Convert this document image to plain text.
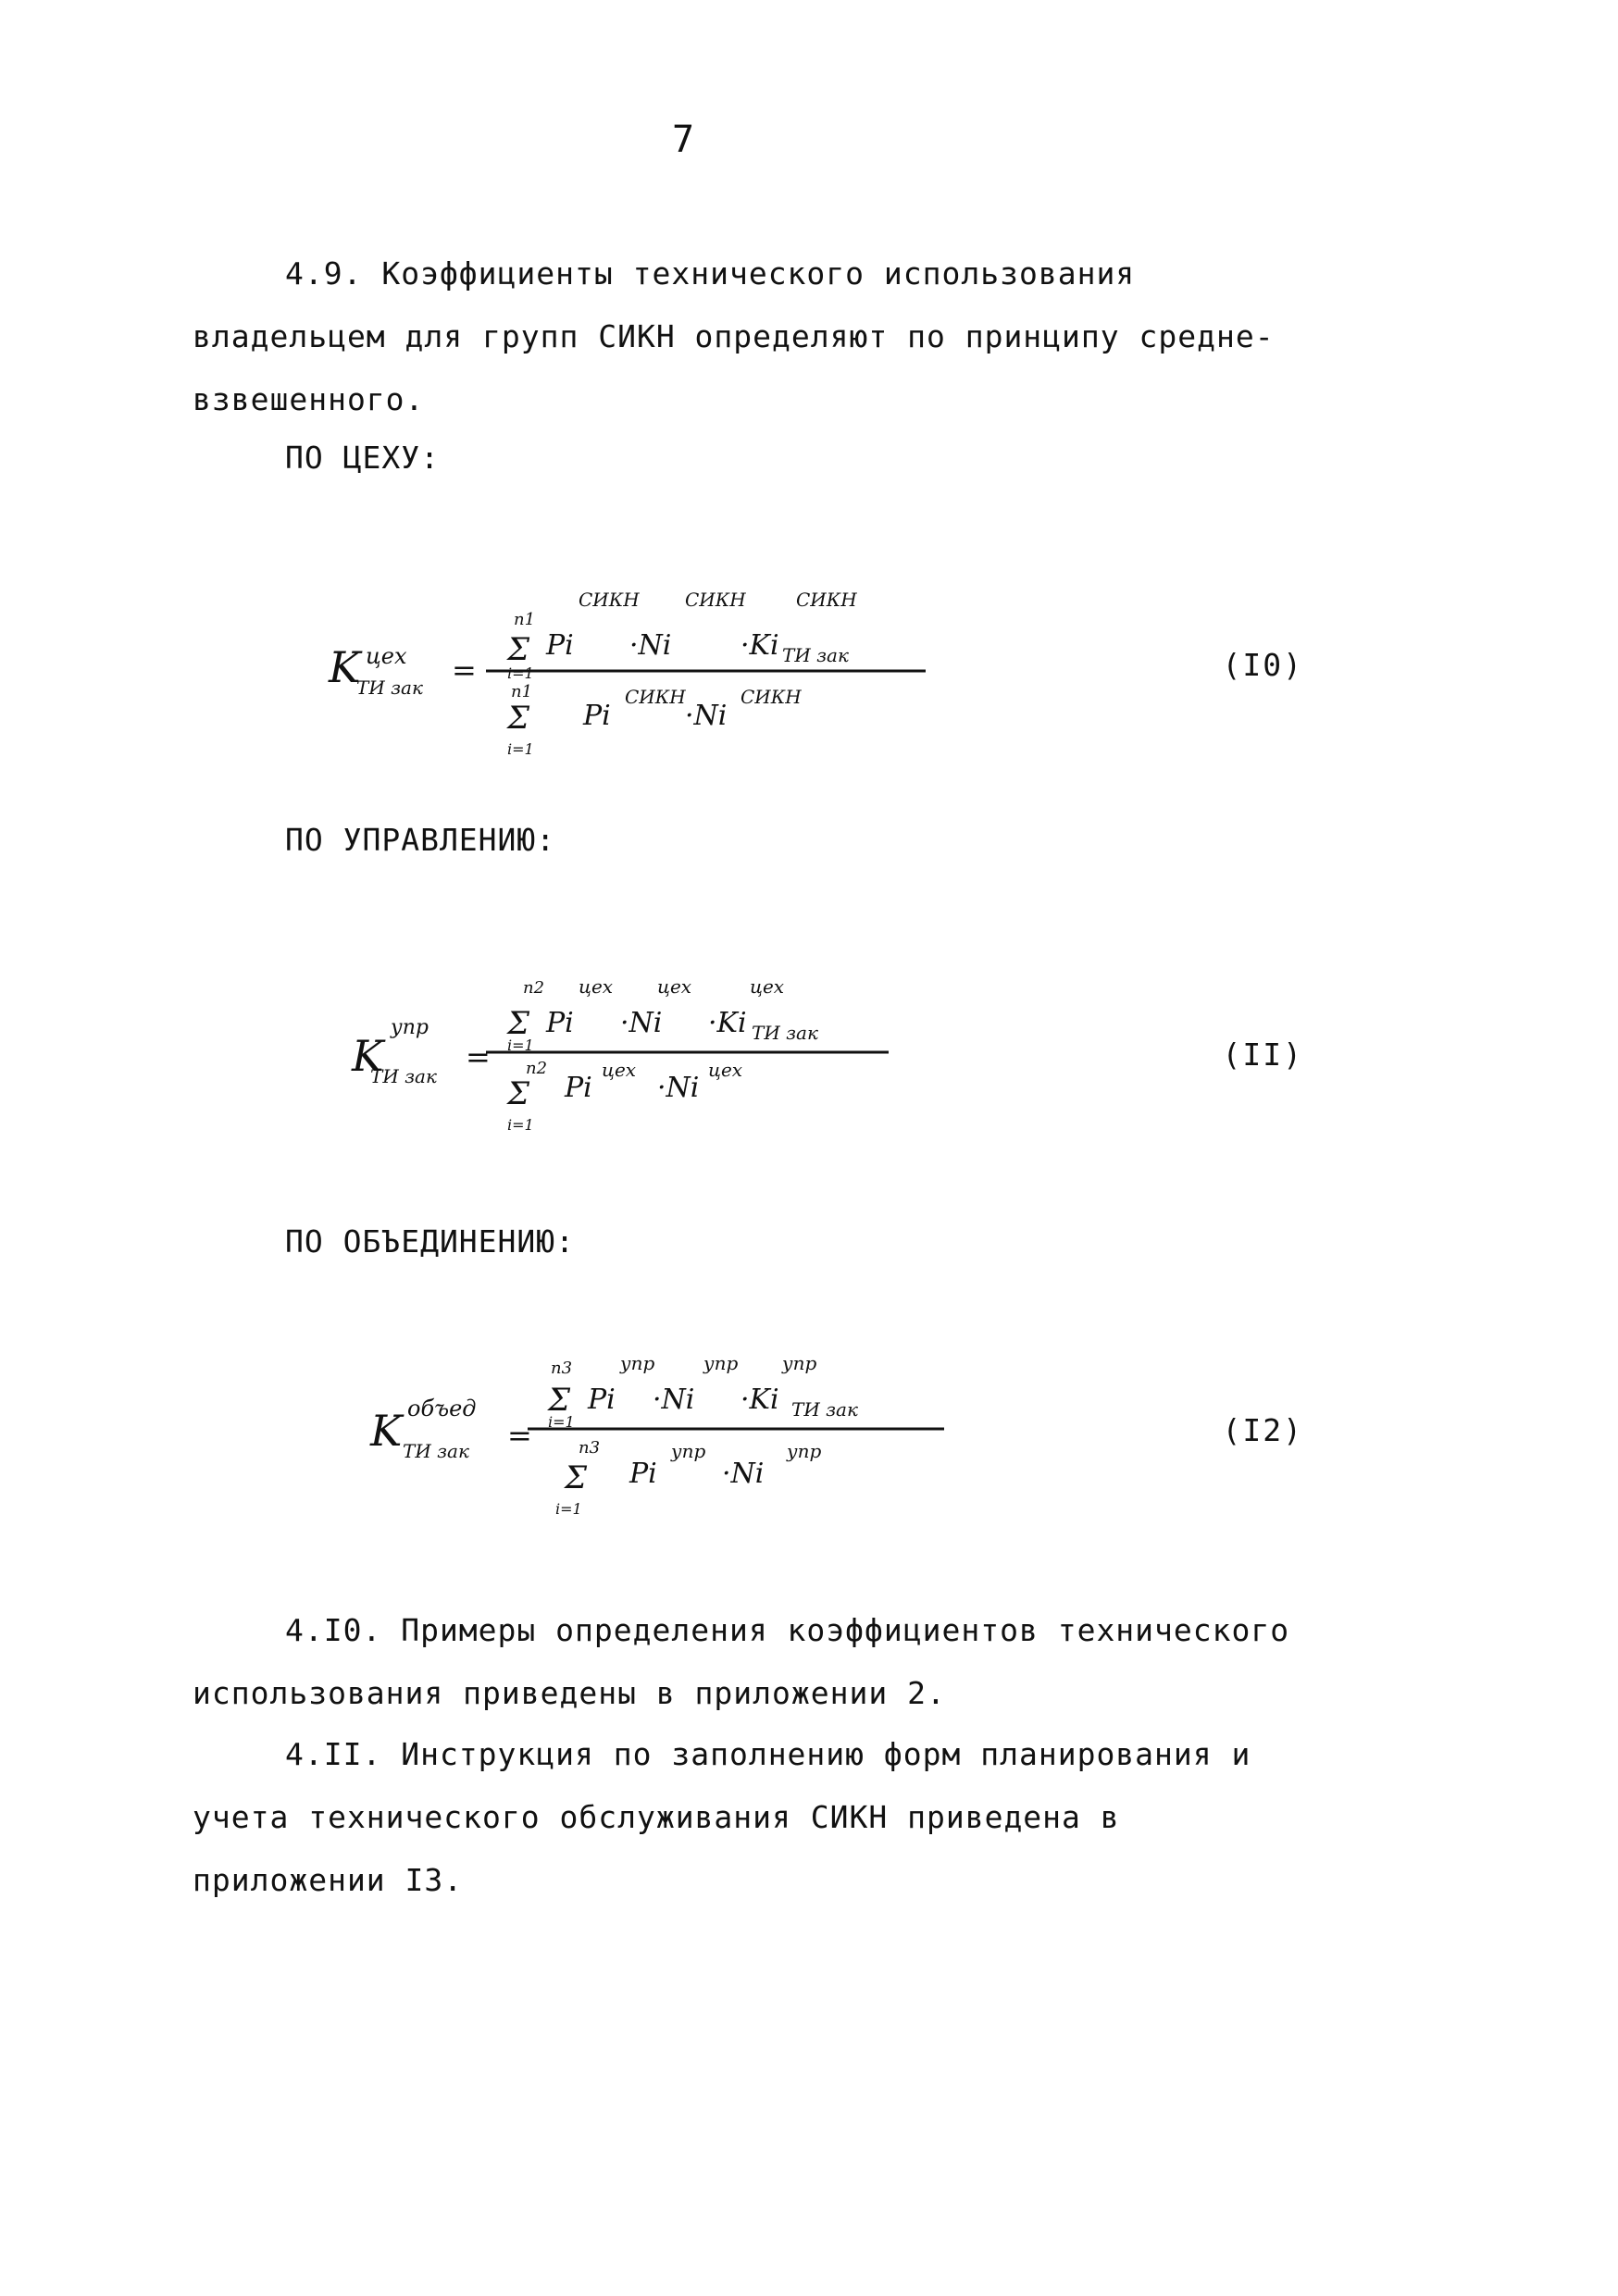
7
4.9. Коэффициенты технического использования
владельцем для групп СИКН определяют по принципу средне-
взвешенного.
ПО ЦЕХУ:
K цех
ТИ зак =
n1
Σ
i=1
Pi
СИКН
·Ni
СИКН
·Ki
СИКН
ТИ зак
n1
Σ
i=1
Pi
СИКН
·Ni
СИКН
(I0)
ПО УПРАВЛЕНИЮ:
K
упр
ТИ зак
=
n2
Σ
i=1
Pi
цех
·Ni
цех
·Ki
цех
ТИ зак
n2
Σ
i=1
Pi
цех
·Ni
цех	(II)
ПО ОБЪЕДИНЕНИЮ:
K объед
ТИ зак =
n3
Σ
i=1
Pi
упр
·Ni
упр
·Ki
упр
ТИ зак
n3
Σ
i=1
Pi
упр
·Ni
упр
(I2)
4.I0. Примеры определения коэффициентов технического
использования приведены в приложении 2.
4.II. Инструкция по заполнению форм планирования и
учета технического обслуживания СИКН приведена в
приложении I3.
